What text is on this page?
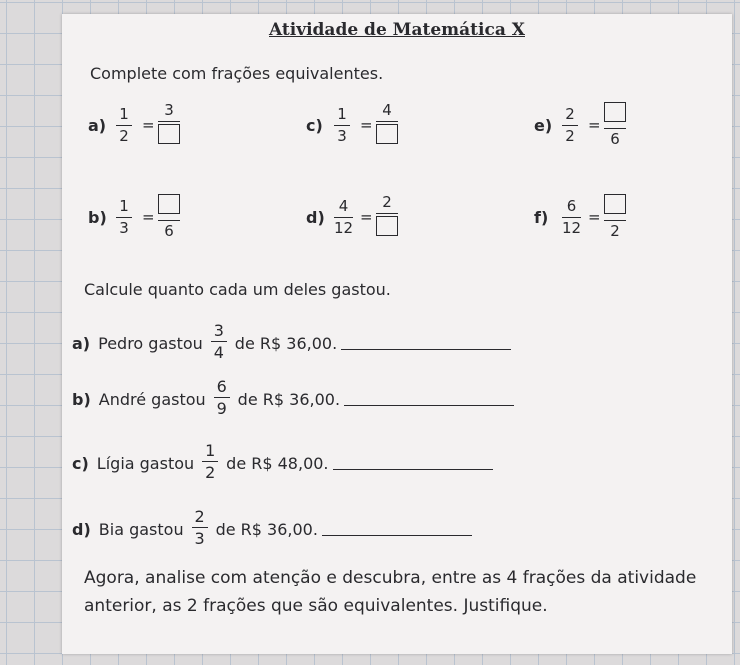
Atividade de Matemática X
Complete com frações equivalentes.
a)
1
2
=
3
b)
1
3
=
6
c)
1
3
=
4
d)
4
12
=
2
e)
2
2
=
6
f)
6
12
=
2
Calcule quanto cada um deles gastou.
a) Pedro gastou $\frac{3}{4}$ de R$ 36,00.
b) André gastou $\frac{6}{9}$ de R$ 36,00.
c) Lígia gastou $\frac{1}{2}$ de R$ 48,00.
d) Bia gastou $\frac{2}{3}$ de R$ 36,00.
Agora, analise com atenção e descubra, entre as 4 frações da atividade anterior, as 2 frações que são equivalentes. Justifique.
